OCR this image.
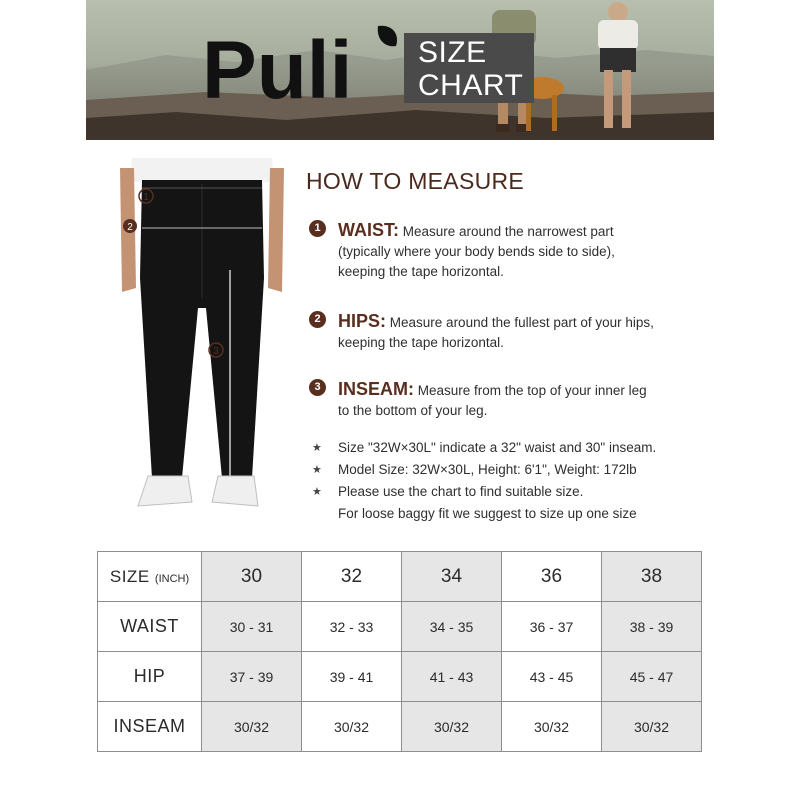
Puli SIZE
CHART
1
2
3
HOW TO MEASURE
1 WAIST: Measure around the narrowest part
(typically where your body bends side to side),
keeping the tape horizontal.
2 HIPS: Measure around the fullest part of your hips,
keeping the tape horizontal.
3 INSEAM: Measure from the top of your inner leg
to the bottom of your leg.
★ Size "32W×30L" indicate a 32" waist and 30" inseam.
★ Model Size: 32W×30L, Height: 6'1", Weight: 172lb
★ Please use the chart to find suitable size.
For loose baggy fit we suggest to size up one size
SIZE (INCH)	30	32	34	36	38
WAIST	30 - 31	32 - 33	34 - 35	36 - 37	38 - 39
HIP	37 - 39	39 - 41	41 - 43	43 - 45	45 - 47
INSEAM	30/32	30/32	30/32	30/32	30/32
